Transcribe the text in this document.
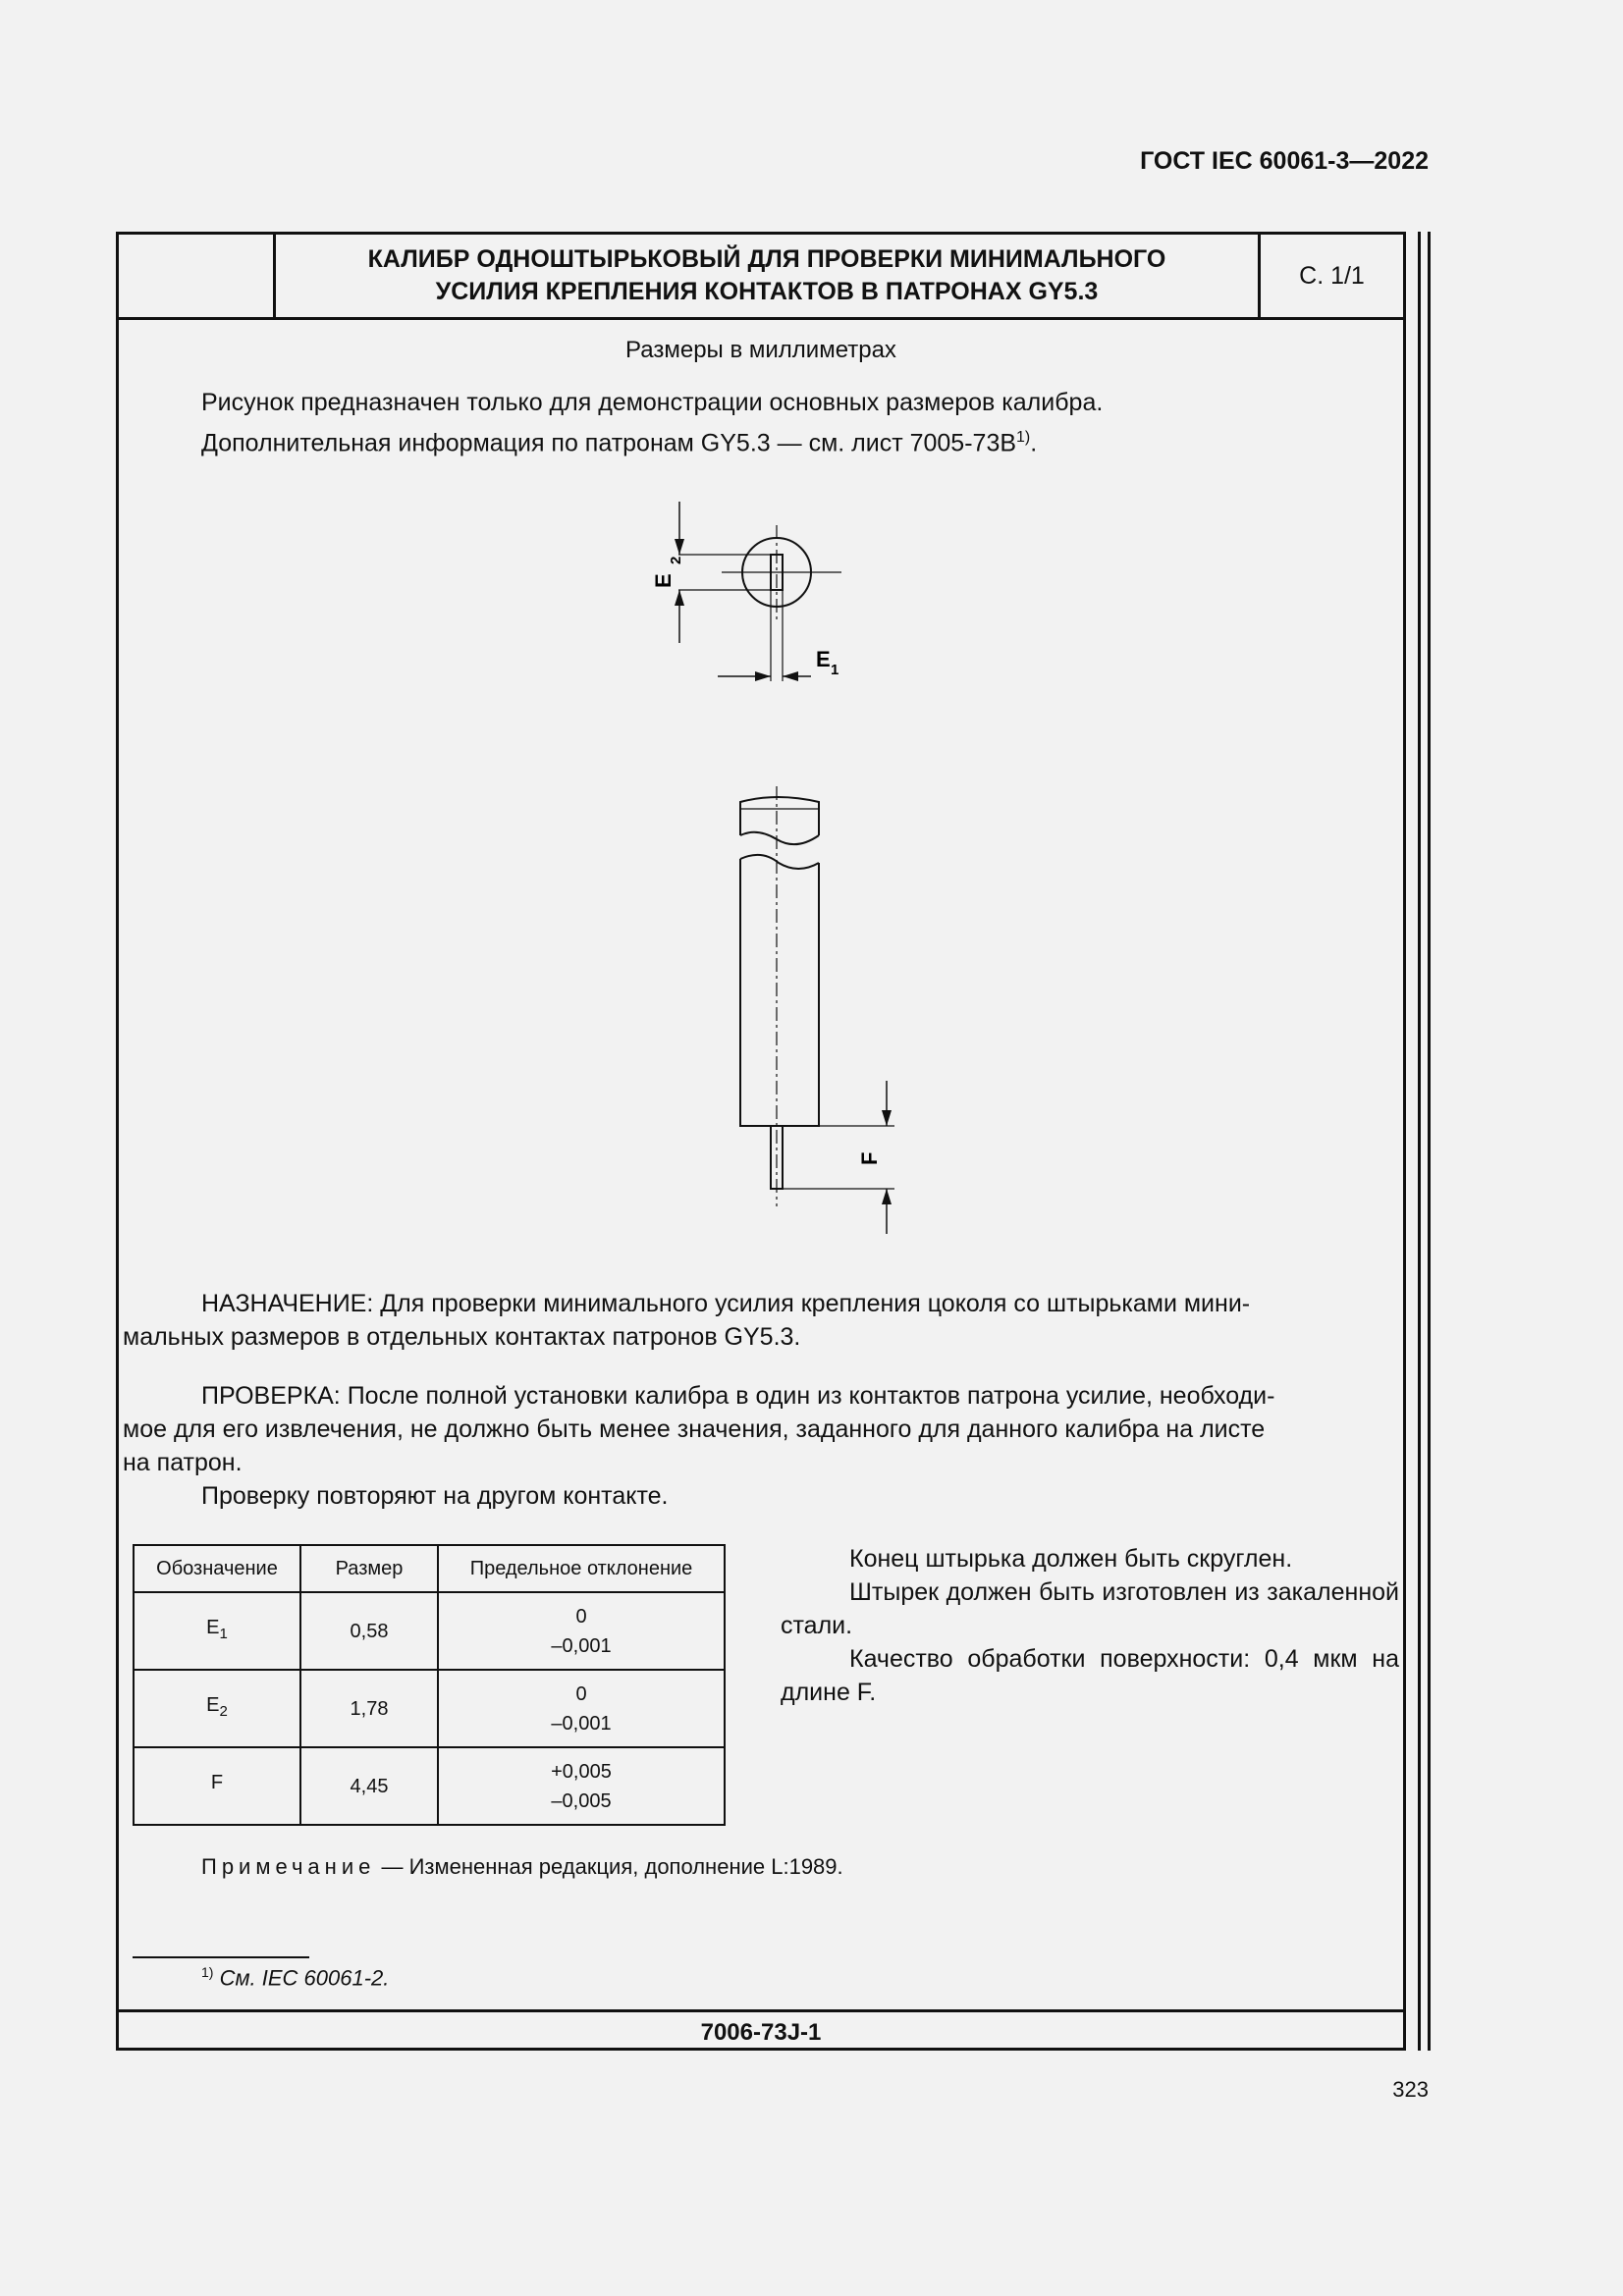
ГОСТ IEC 60061-3—2022
КАЛИБР ОДНОШТЫРЬКОВЫЙ ДЛЯ ПРОВЕРКИ МИНИМАЛЬНОГО
УСИЛИЯ КРЕПЛЕНИЯ КОНТАКТОВ В ПАТРОНАХ GY5.3
С. 1/1
Размеры в миллиметрах
Рисунок предназначен только для демонстрации основных размеров калибра.
Дополнительная информация по патронам GY5.3 — см. лист $7005-73B^{1)}$.
E
2
E 1
F
НАЗНАЧЕНИЕ: Для проверки минимального усилия крепления цоколя со штырьками мини-
мальных размеров в отдельных контактах патронов GY5.3.
ПРОВЕРКА: После полной установки калибра в один из контактов патрона усилие, необходи-
мое для его извлечения, не должно быть менее значения, заданного для данного калибра на листе
на патрон.
Проверку повторяют на другом контакте.
Обозначение	Размер	Предельное отклонение
$E_1$	0,58	0
–0,001

$E_2$	1,78	0
–0,001

F	4,45	+0,005
–0,005

Конец штырька должен быть скруглен.

Штырек должен быть изготовлен из закаленной стали.

Качество обработки поверхности: 0,4 мкм на длине F.

Примечание — Измененная редакция, дополнение L:1989.
$^{1)}$ См. IEC 60061-2.
7006-73J-1
323
